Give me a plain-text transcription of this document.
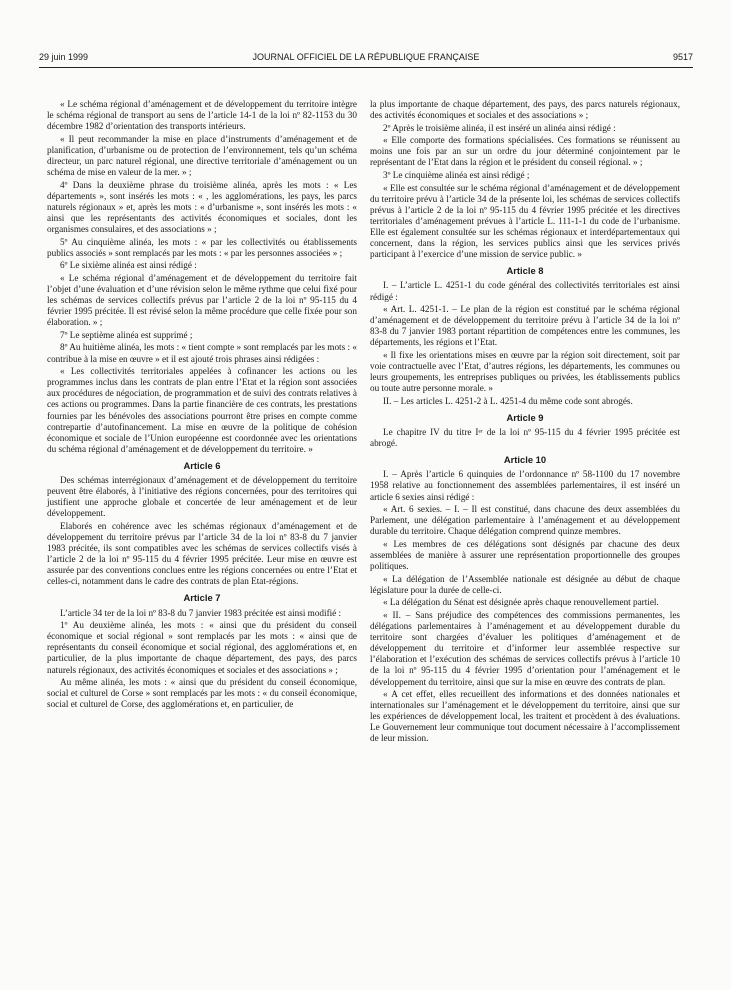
29 juin 1999	JOURNAL OFFICIEL DE LA RÉPUBLIQUE FRANÇAISE	9517

« Le schéma régional d’aménagement et de développement du territoire intègre le schéma régional de transport au sens de l’article 14-1 de la loi nº 82-1153 du 30 décembre 1982 d’orientation des transports intérieurs.

« Il peut recommander la mise en place d’instruments d’aménagement et de planification, d’urbanisme ou de protection de l’environnement, tels qu’un schéma directeur, un parc naturel régional, une directive territoriale d’aménagement ou un schéma de mise en valeur de la mer. » ;

4º Dans la deuxième phrase du troisième alinéa, après les mots : « Les départements », sont insérés les mots : « , les agglomérations, les pays, les parcs naturels régionaux » et, après les mots : « d’urbanisme », sont insérés les mots : « ainsi que les représentants des activités économiques et sociales, dont les organismes consulaires, et des associations » ;

5º Au cinquième alinéa, les mots : « par les collectivités ou établissements publics associés » sont remplacés par les mots : « par les personnes associées » ;

6º Le sixième alinéa est ainsi rédigé :

« Le schéma régional d’aménagement et de développement du territoire fait l’objet d’une évaluation et d’une révision selon le même rythme que celui fixé pour les schémas de services collectifs prévus par l’article 2 de la loi nº 95-115 du 4 février 1995 précitée. Il est révisé selon la même procédure que celle fixée pour son élaboration. » ;

7º Le septième alinéa est supprimé ;

8º Au huitième alinéa, les mots : « tient compte » sont remplacés par les mots : « contribue à la mise en œuvre » et il est ajouté trois phrases ainsi rédigées :

« Les collectivités territoriales appelées à cofinancer les actions ou les programmes inclus dans les contrats de plan entre l’Etat et la région sont associées aux procédures de négociation, de programmation et de suivi des contrats relatives à ces actions ou programmes. Dans la partie financière de ces contrats, les prestations fournies par les bénévoles des associations pourront être prises en compte comme contrepartie d’autofinancement. La mise en œuvre de la politique de cohésion économique et sociale de l’Union européenne est coordonnée avec les orientations du schéma régional d’aménagement et de développement du territoire. »

Article 6

Des schémas interrégionaux d’aménagement et de développement du territoire peuvent être élaborés, à l’initiative des régions concernées, pour des territoires qui justifient une approche globale et concertée de leur aménagement et de leur développement.

Elaborés en cohérence avec les schémas régionaux d’aménagement et de développement du territoire prévus par l’article 34 de la loi nº 83-8 du 7 janvier 1983 précitée, ils sont compatibles avec les schémas de services collectifs visés à l’article 2 de la loi nº 95-115 du 4 février 1995 précitée. Leur mise en œuvre est assurée par des conventions conclues entre les régions concernées ou entre l’Etat et celles-ci, notamment dans le cadre des contrats de plan Etat-régions.

Article 7

L’article 34 ter de la loi nº 83-8 du 7 janvier 1983 précitée est ainsi modifié :

1º Au deuxième alinéa, les mots : « ainsi que du président du conseil économique et social régional » sont remplacés par les mots : « ainsi que de représentants du conseil économique et social régional, des agglomérations et, en particulier, de la plus importante de chaque département, des pays, des parcs naturels régionaux, des activités économiques et sociales et des associations » ;

Au même alinéa, les mots : « ainsi que du président du conseil économique, social et culturel de Corse » sont remplacés par les mots : « du conseil économique, social et culturel de Corse, des agglomérations et, en particulier, de

la plus importante de chaque département, des pays, des parcs naturels régionaux, des activités économiques et sociales et des associations » ;

2º Après le troisième alinéa, il est inséré un alinéa ainsi rédigé :

« Elle comporte des formations spécialisées. Ces formations se réunissent au moins une fois par an sur un ordre du jour déterminé conjointement par le représentant de l’Etat dans la région et le président du conseil régional. » ;

3º Le cinquième alinéa est ainsi rédigé ;

« Elle est consultée sur le schéma régional d’aménagement et de développement du territoire prévu à l’article 34 de la présente loi, les schémas de services collectifs prévus à l’article 2 de la loi nº 95-115 du 4 février 1995 précitée et les directives territoriales d’aménagement prévues à l’article L. 111-1-1 du code de l’urbanisme. Elle est également consultée sur les schémas régionaux et interdépartementaux qui concernent, dans la région, les services publics ainsi que les services privés participant à l’exercice d’une mission de service public. »

Article 8

I. – L’article L. 4251-1 du code général des collectivités territoriales est ainsi rédigé :

« Art. L. 4251-1. – Le plan de la région est constitué par le schéma régional d’aménagement et de développement du territoire prévu à l’article 34 de la loi nº 83-8 du 7 janvier 1983 portant répartition de compétences entre les communes, les départements, les régions et l’Etat.

« Il fixe les orientations mises en œuvre par la région soit directement, soit par voie contractuelle avec l’Etat, d’autres régions, les départements, les communes ou leurs groupements, les entreprises publiques ou privées, les établissements publics ou toute autre personne morale. »

II. – Les articles L. 4251-2 à L. 4251-4 du même code sont abrogés.

Article 9

Le chapitre IV du titre Iᵉʳ de la loi nº 95-115 du 4 février 1995 précitée est abrogé.

Article 10

I. – Après l’article 6 quinquies de l’ordonnance nº 58-1100 du 17 novembre 1958 relative au fonctionnement des assemblées parlementaires, il est inséré un article 6 sexies ainsi rédigé :

« Art. 6 sexies. – I. – Il est constitué, dans chacune des deux assemblées du Parlement, une délégation parlementaire à l’aménagement et au développement durable du territoire. Chaque délégation comprend quinze membres.

« Les membres de ces délégations sont désignés par chacune des deux assemblées de manière à assurer une représentation proportionnelle des groupes politiques.

« La délégation de l’Assemblée nationale est désignée au début de chaque législature pour la durée de celle-ci.

« La délégation du Sénat est désignée après chaque renouvellement partiel.

« II. – Sans préjudice des compétences des commissions permanentes, les délégations parlementaires à l’aménagement et au développement durable du territoire sont chargées d’évaluer les politiques d’aménagement et de développement du territoire et d’informer leur assemblée respective sur l’élaboration et l’exécution des schémas de services collectifs prévus à l’article 10 de la loi nº 95-115 du 4 février 1995 d’orientation pour l’aménagement et le développement du territoire, ainsi que sur la mise en œuvre des contrats de plan.

« A cet effet, elles recueillent des informations et des données nationales et internationales sur l’aménagement et le développement du territoire, ainsi que sur les expériences de développement local, les traitent et procèdent à des évaluations. Le Gouvernement leur communique tout document nécessaire à l’accomplissement de leur mission.
